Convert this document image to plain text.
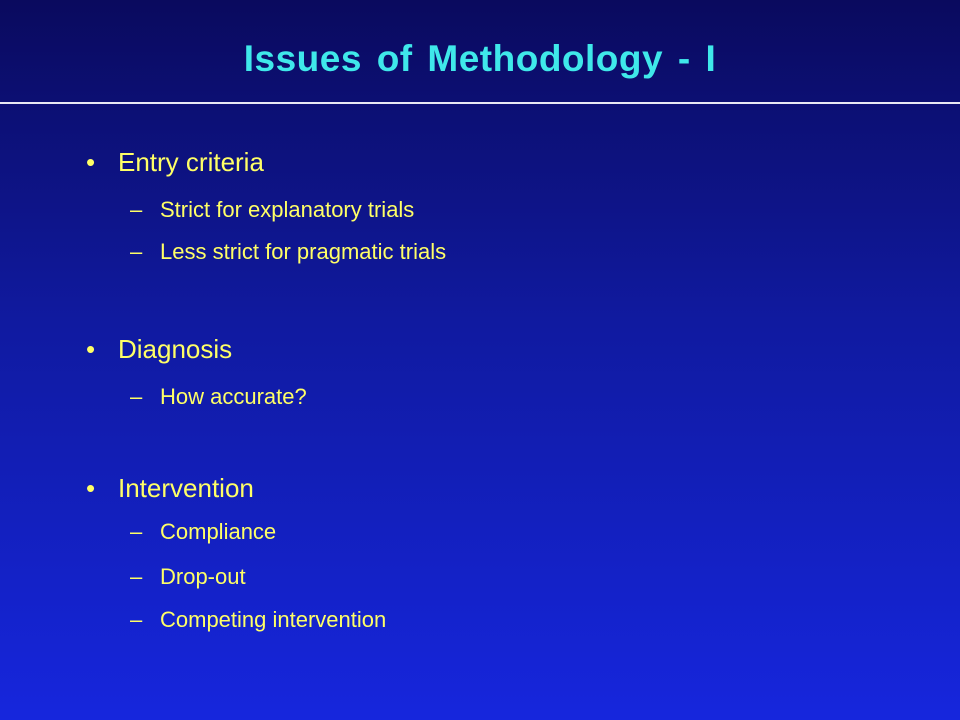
Issues of Methodology - I
• Entry criteria
– Strict for explanatory trials
– Less strict for pragmatic trials
• Diagnosis
– How accurate?
• Intervention
– Compliance
– Drop-out
– Competing intervention
